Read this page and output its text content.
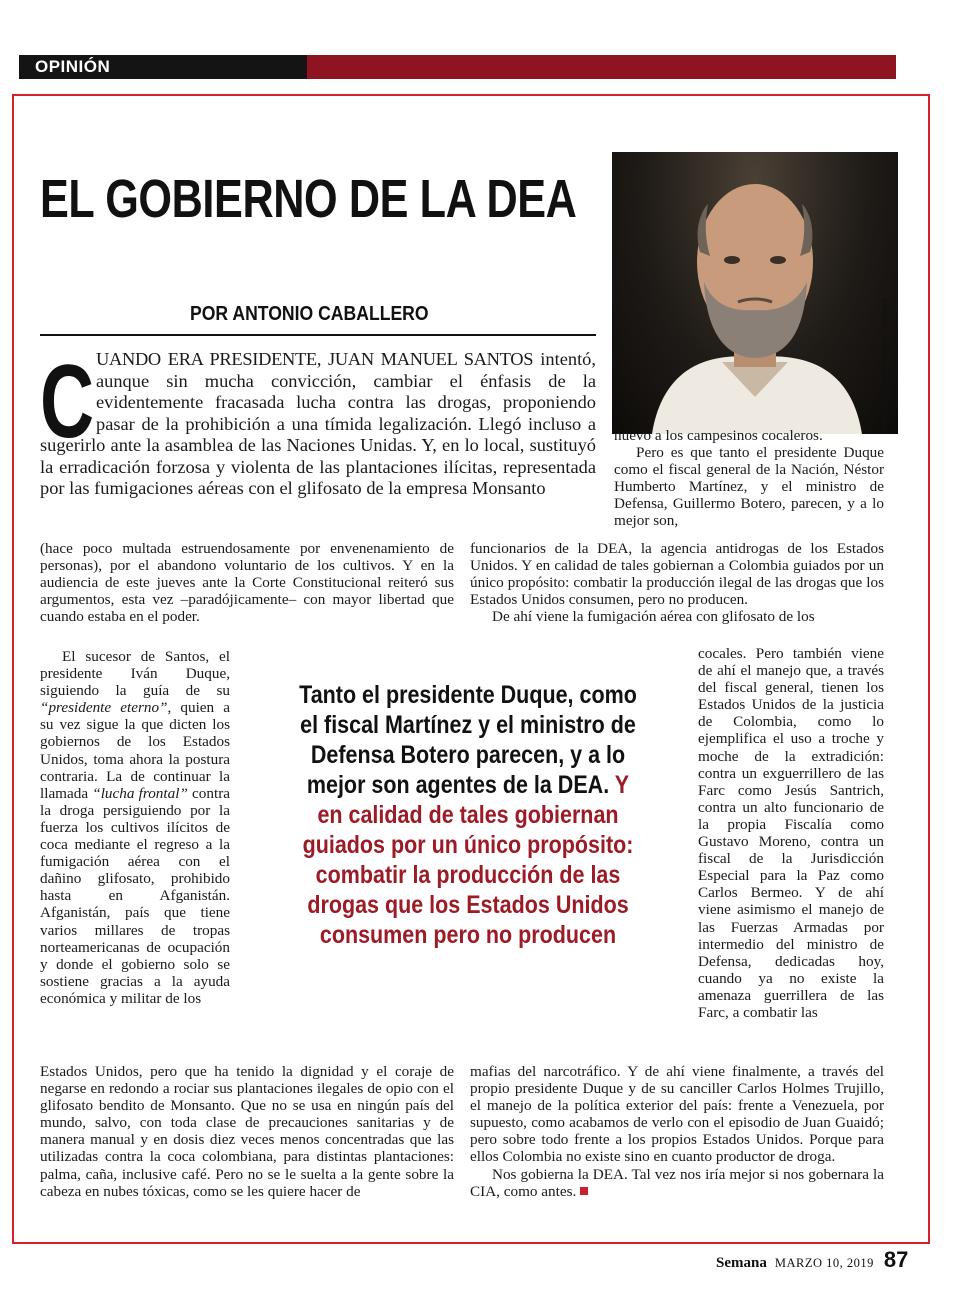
OPINIÓN
EL GOBIERNO DE LA DEA
POR ANTONIO CABALLERO	FOTO: LEÓN DARÍO PELÁEZ - SEMANA
C UANDO ERA PRESIDENTE, JUAN MANUEL SANTOS intentó, aunque sin mucha convicción, cambiar el énfasis de la evidentemente fracasada lucha contra las drogas, proponiendo pasar de la prohibición a una tímida legalización. Llegó incluso a sugerirlo ante la asamblea de las Naciones Unidas. Y, en lo local, sustituyó la erradicación forzosa y violenta de las plantaciones ilícitas, representada por las fumigaciones aéreas con el glifosato de la empresa Monsanto

(hace poco multada estruendosamente por envenenamiento de personas), por el abandono voluntario de los cultivos. Y en la audiencia de este jueves ante la Corte Constitucional reiteró sus argumentos, esta vez –paradójicamente– con mayor libertad que cuando estaba en el poder.

El sucesor de Santos, el presidente Iván Duque, siguiendo la guía de su “presidente eterno”, quien a su vez sigue la que dicten los gobiernos de los Estados Unidos, toma ahora la postura contraria. La de continuar la llamada “lucha frontal” contra la droga persiguiendo por la fuerza los cultivos ilícitos de coca mediante el regreso a la fumigación aérea con el dañino glifosato, prohibido hasta en Afganistán. Afganistán, país que tiene varios millares de tropas norteamericanas de ocupación y donde el gobierno solo se sostiene gracias a la ayuda económica y militar de los

Estados Unidos, pero que ha tenido la dignidad y el coraje de negarse en redondo a rociar sus plantaciones ilegales de opio con el glifosato bendito de Monsanto. Que no se usa en ningún país del mundo, salvo, con toda clase de precauciones sanitarias y de manera manual y en dosis diez veces menos concentradas que las utilizadas contra la coca colombiana, para distintas plantaciones: palma, caña, inclusive café. Pero no se le suelta a la gente sobre la cabeza en nubes tóxicas, como se les quiere hacer de

nuevo a los campesinos cocaleros.

Pero es que tanto el presidente Duque como el fiscal general de la Nación, Néstor Humberto Martínez, y el ministro de Defensa, Guillermo Botero, parecen, y a lo mejor son,

funcionarios de la DEA, la agencia antidrogas de los Estados Unidos. Y en calidad de tales gobiernan a Colombia guiados por un único propósito: combatir la producción ilegal de las drogas que los Estados Unidos consumen, pero no producen.

De ahí viene la fumigación aérea con glifosato de los

cocales. Pero también viene de ahí el manejo que, a través del fiscal general, tienen los Estados Unidos de la justicia de Colombia, como lo ejemplifica el uso a troche y moche de la extradición: contra un exguerrillero de las Farc como Jesús Santrich, contra un alto funcionario de la propia Fiscalía como Gustavo Moreno, contra un fiscal de la Jurisdicción Especial para la Paz como Carlos Bermeo. Y de ahí viene asimismo el manejo de las Fuerzas Armadas por intermedio del ministro de Defensa, dedicadas hoy, cuando ya no existe la amenaza guerrillera de las Farc, a combatir las

mafias del narcotráfico. Y de ahí viene finalmente, a través del propio presidente Duque y de su canciller Carlos Holmes Trujillo, el manejo de la política exterior del país: frente a Venezuela, por supuesto, como acabamos de verlo con el episodio de Juan Guaidó; pero sobre todo frente a los propios Estados Unidos. Porque para ellos Colombia no existe sino en cuanto productor de droga.

Nos gobierna la DEA. Tal vez nos iría mejor si nos gobernara la CIA, como antes.

Tanto el presidente Duque, como el fiscal Martínez y el ministro de Defensa Botero parecen, y a lo mejor son agentes de la DEA. Y en calidad de tales gobiernan guiados por un único propósito: combatir la producción de las drogas que los Estados Unidos consumen pero no producen
Semana MARZO 10, 2019 87
